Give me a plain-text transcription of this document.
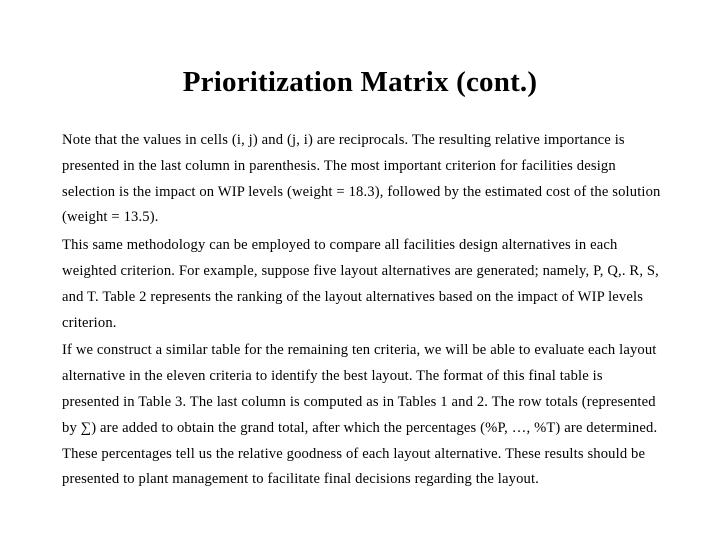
Prioritization Matrix (cont.)

Note that the values in cells (i, j) and (j, i) are reciprocals. The resulting relative importance is presented in the last column in parenthesis. The most important criterion for facilities design selection is the impact on WIP levels (weight = 18.3), followed by the estimated cost of the solution (weight = 13.5).

This same methodology can be employed to compare all facilities design alternatives in each weighted criterion. For example, suppose five layout alternatives are generated; namely, P, Q,. R, S, and T. Table 2 represents the ranking of the layout alternatives based on the impact of WIP levels criterion.

If we construct a similar table for the remaining ten criteria, we will be able to evaluate each layout alternative in the eleven criteria to identify the best layout. The format of this final table is presented in Table 3. The last column is computed as in Tables 1 and 2. The row totals (represented by ∑) are added to obtain the grand total, after which the percentages (%P, …, %T) are determined. These percentages tell us the relative goodness of each layout alternative. These results should be presented to plant management to facilitate final decisions regarding the layout.
